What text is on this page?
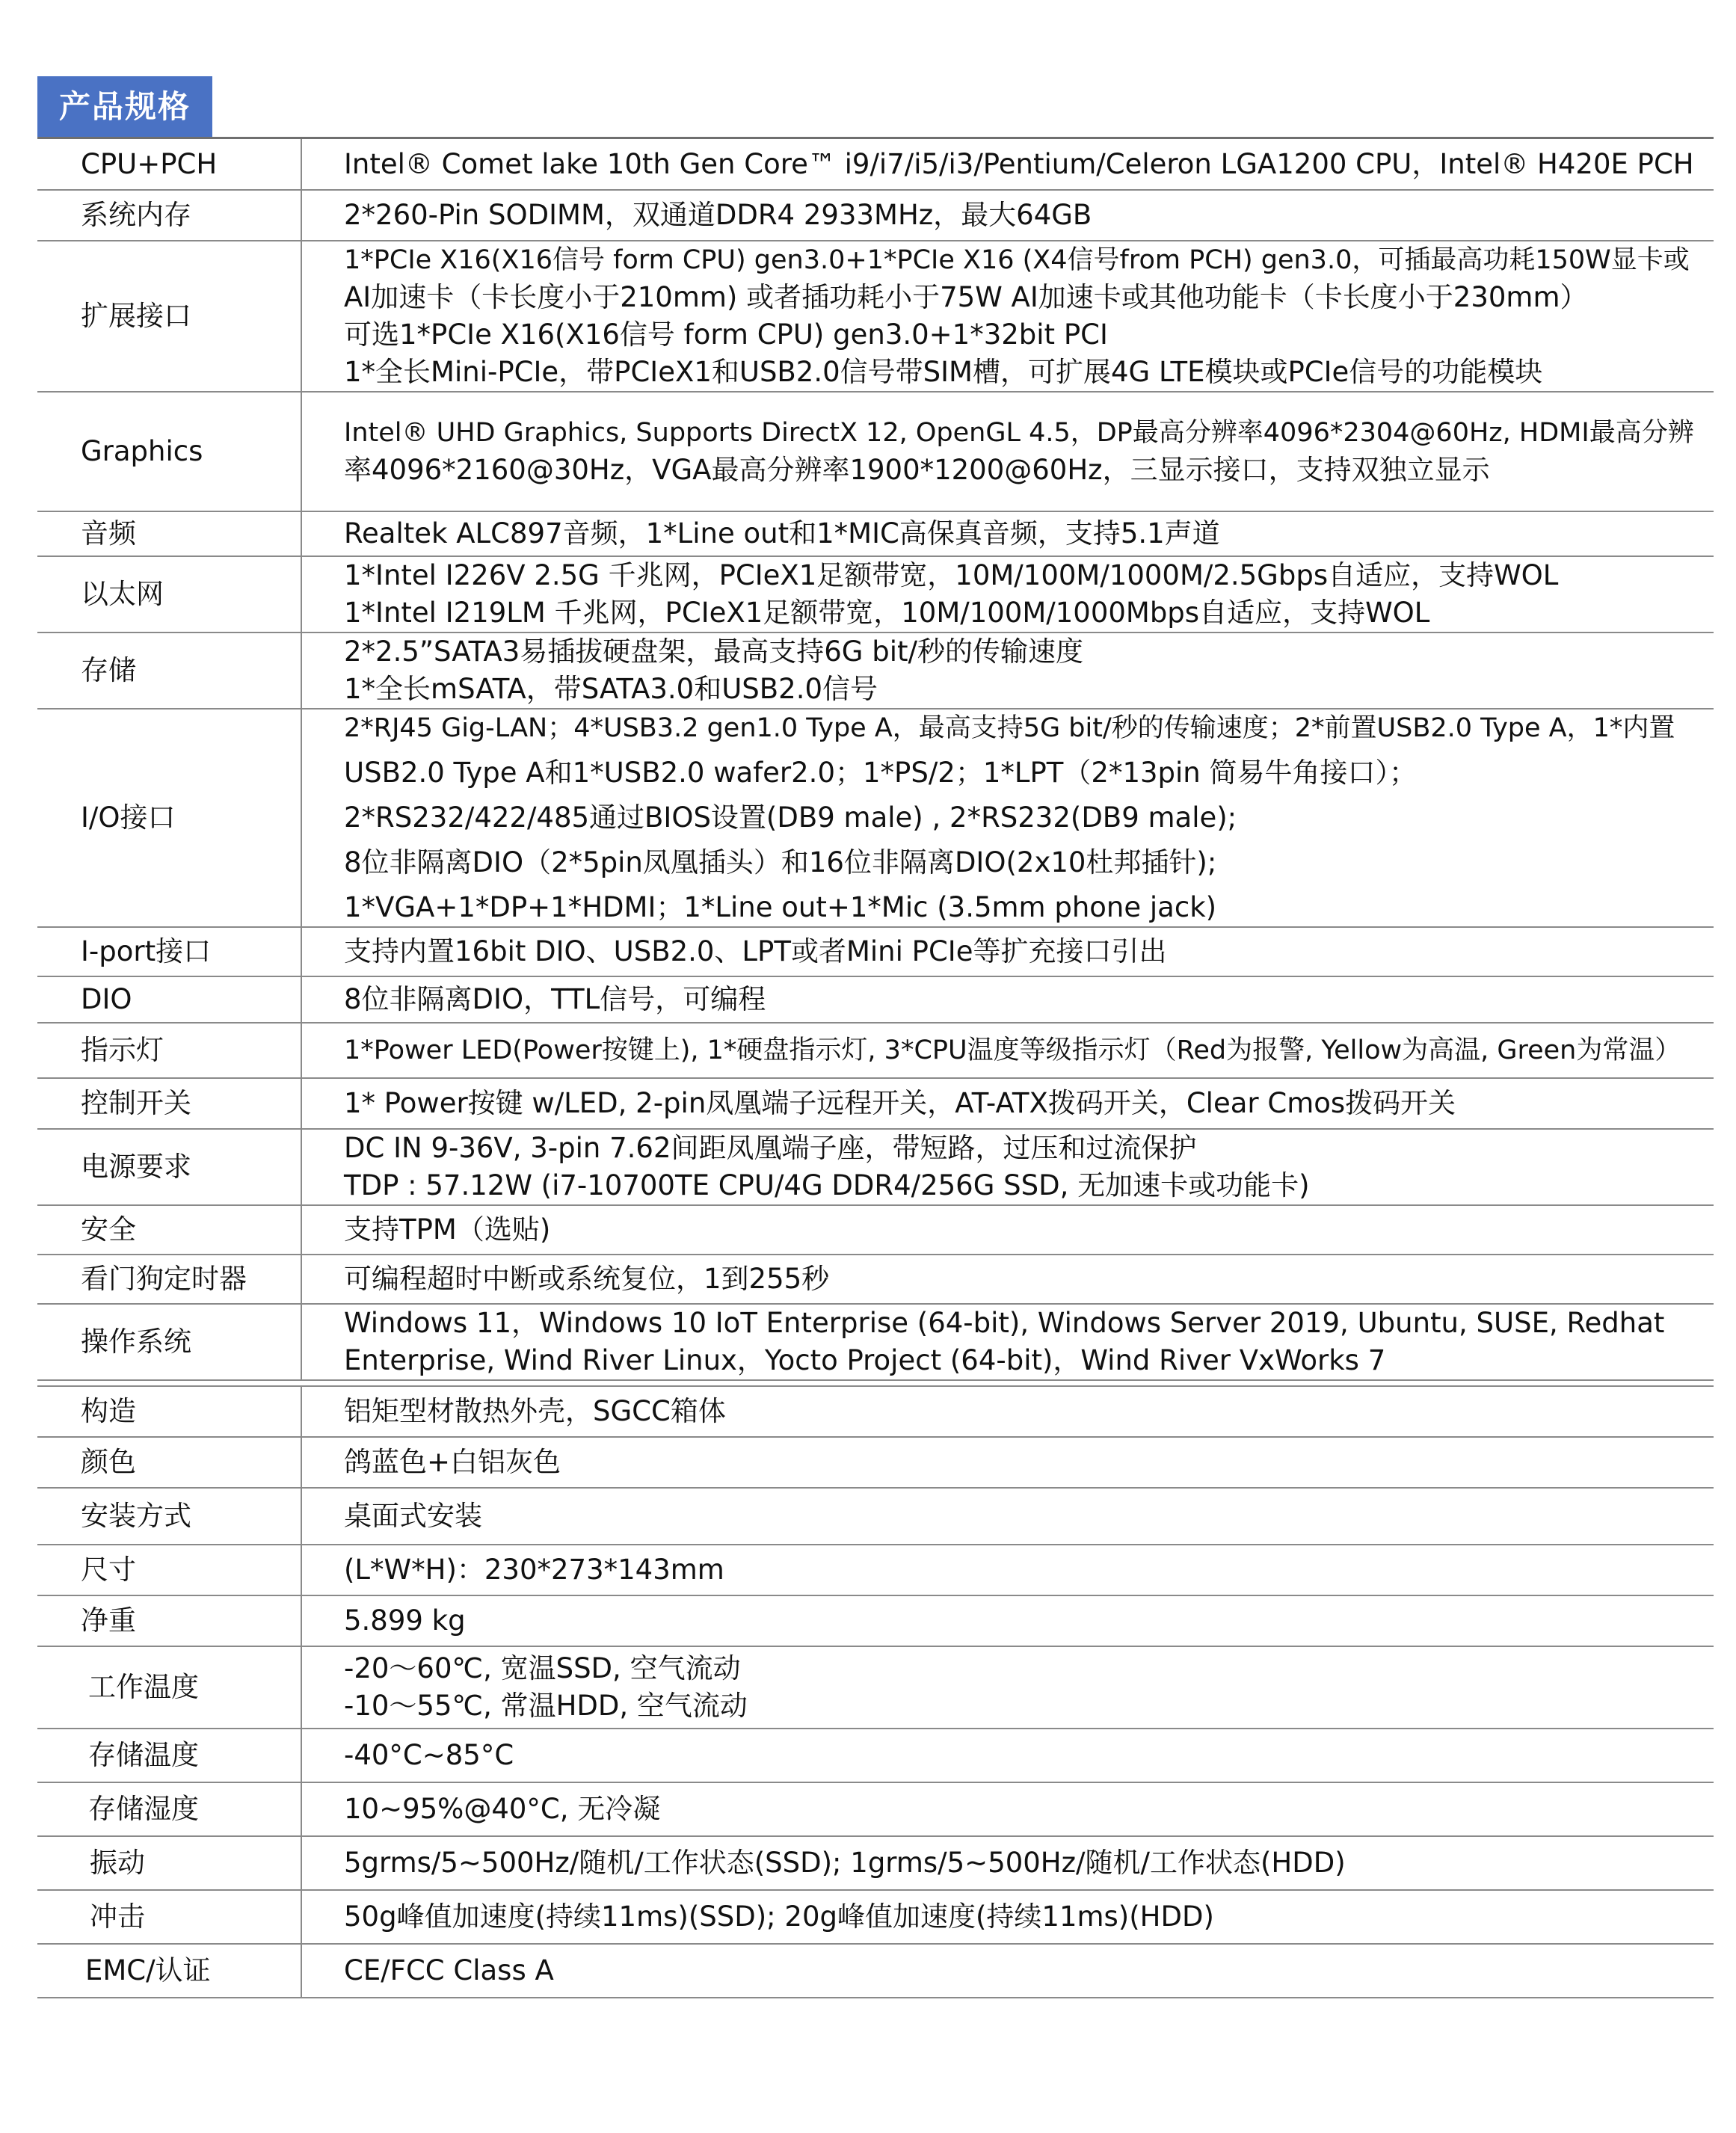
产品规格
CPU+PCH	Intel® Comet lake 10th Gen Core™ i9/i7/i5/i3/Pentium/Celeron LGA1200 CPU，Intel® H420E PCH

系统内存	2*260-Pin SODIMM，双通道DDR4 2933MHz，最大64GB

扩展接口	1*PCIe X16(X16信号 form CPU) gen3.0+1*PCIe X16 (X4信号from PCH) gen3.0，可插最高功耗150W显卡或
AI加速卡（卡长度小于210mm) 或者插功耗小于75W AI加速卡或其他功能卡（卡长度小于230mm）
可选1*PCIe X16(X16信号 form CPU) gen3.0+1*32bit PCI
1*全长Mini-PCIe，带PCIeX1和USB2.0信号带SIM槽，可扩展4G LTE模块或PCIe信号的功能模块

Graphics	Intel® UHD Graphics, Supports DirectX 12, OpenGL 4.5，DP最高分辨率4096*2304@60Hz, HDMI最高分辨
率4096*2160@30Hz，VGA最高分辨率1900*1200@60Hz，三显示接口，支持双独立显示

音频	Realtek ALC897音频，1*Line out和1*MIC高保真音频，支持5.1声道

以太网	1*Intel I226V 2.5G 千兆网，PCIeX1足额带宽，10M/100M/1000M/2.5Gbps自适应，支持WOL
1*Intel I219LM 千兆网，PCIeX1足额带宽，10M/100M/1000Mbps自适应，支持WOL

存储	2*2.5”SATA3易插拔硬盘架，最高支持6G bit/秒的传输速度
1*全长mSATA，带SATA3.0和USB2.0信号

I/O接口	2*RJ45 Gig-LAN；4*USB3.2 gen1.0 Type A，最高支持5G bit/秒的传输速度；2*前置USB2.0 Type A，1*内置
USB2.0 Type A和1*USB2.0 wafer2.0；1*PS/2；1*LPT（2*13pin 简易牛角接口）；
2*RS232/422/485通过BIOS设置(DB9 male) , 2*RS232(DB9 male);
8位非隔离DIO（2*5pin凤凰插头）和16位非隔离DIO(2x10杜邦插针);
1*VGA+1*DP+1*HDMI；1*Line out+1*Mic (3.5mm phone jack)

I-port接口	支持内置16bit DIO、USB2.0、LPT或者Mini PCIe等扩充接口引出

DIO	8位非隔离DIO，TTL信号，可编程

指示灯	1*Power LED(Power按键上), 1*硬盘指示灯, 3*CPU温度等级指示灯（Red为报警, Yellow为高温, Green为常温）

控制开关	1* Power按键 w/LED, 2-pin凤凰端子远程开关，AT-ATX拨码开关，Clear Cmos拨码开关

电源要求	DC IN 9-36V, 3-pin 7.62间距凤凰端子座，带短路，过压和过流保护
TDP : 57.12W (i7-10700TE CPU/4G DDR4/256G SSD, 无加速卡或功能卡)

安全	支持TPM（选贴)

看门狗定时器	可编程超时中断或系统复位，1到255秒

操作系统	Windows 11，Windows 10 IoT Enterprise (64-bit), Windows Server 2019, Ubuntu, SUSE, Redhat
Enterprise, Wind River Linux，Yocto Project (64-bit)，Wind River VxWorks 7

构造	铝矩型材散热外壳，SGCC箱体

颜色	鸽蓝色+白铝灰色

安装方式	桌面式安装

尺寸	(L*W*H)：230*273*143mm

净重	5.899 kg

工作温度	-20～60℃, 宽温SSD, 空气流动
-10～55℃, 常温HDD, 空气流动

存储温度	-40°C~85°C

存储湿度	10~95%@40°C, 无冷凝

振动	5grms/5~500Hz/随机/工作状态(SSD); 1grms/5~500Hz/随机/工作状态(HDD)

冲击	50g峰值加速度(持续11ms)(SSD); 20g峰值加速度(持续11ms)(HDD)

EMC/认证	CE/FCC Class A
